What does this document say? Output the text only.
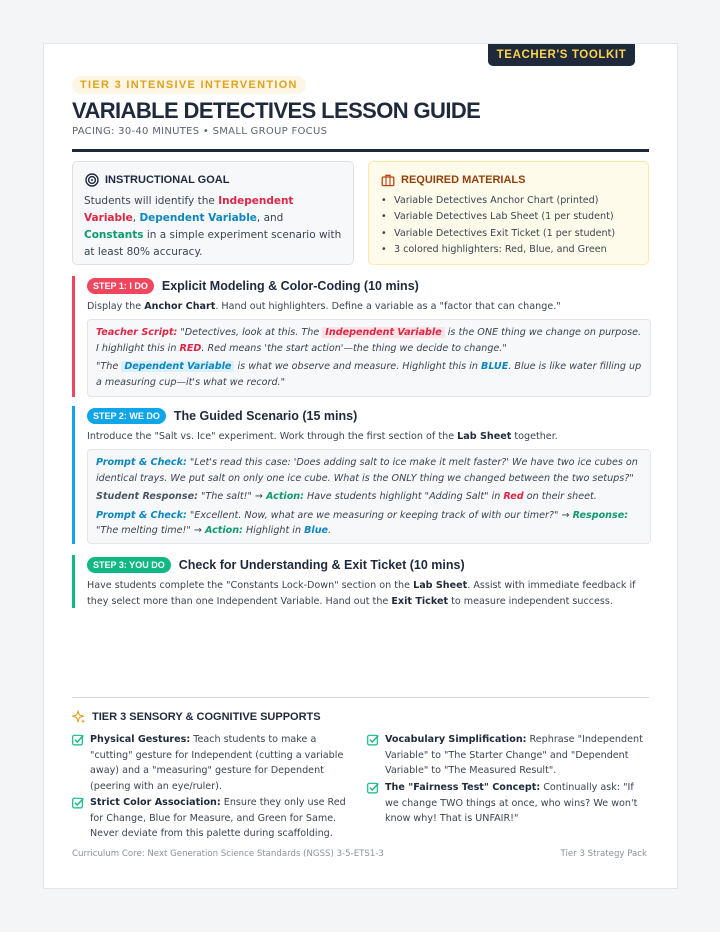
TEACHER'S TOOLKIT
TIER 3 INTENSIVE INTERVENTION
VARIABLE DETECTIVES LESSON GUIDE
PACING: 30-40 MINUTES • SMALL GROUP FOCUS
INSTRUCTIONAL GOAL
Students will identify the Independent Variable, Dependent Variable, and Constants in a simple experiment scenario with at least 80% accuracy.
REQUIRED MATERIALS
• Variable Detectives Anchor Chart (printed)
• Variable Detectives Lab Sheet (1 per student)
• Variable Detectives Exit Ticket (1 per student)
• 3 colored highlighters: Red, Blue, and Green
STEP 1: I DO	Explicit Modeling & Color-Coding (10 mins)
Display the Anchor Chart. Hand out highlighters. Define a variable as a "factor that can change."

Teacher Script: "Detectives, look at this. The Independent Variable is the ONE thing we change on purpose. I highlight this in RED. Red means 'the start action'—the thing we decide to change."

"The Dependent Variable is what we observe and measure. Highlight this in BLUE. Blue is like water filling up a measuring cup—it's what we record."

STEP 2: WE DO	The Guided Scenario (15 mins)
Introduce the "Salt vs. Ice" experiment. Work through the first section of the Lab Sheet together.

Prompt & Check: "Let's read this case: 'Does adding salt to ice make it melt faster?' We have two ice cubes on identical trays. We put salt on only one ice cube. What is the ONLY thing we changed between the two setups?"

Student Response: "The salt!" → Action: Have students highlight "Adding Salt" in Red on their sheet.

Prompt & Check: "Excellent. Now, what are we measuring or keeping track of with our timer?" → Response: "The melting time!" → Action: Highlight in Blue.

STEP 3: YOU DO	Check for Understanding & Exit Ticket (10 mins)
Have students complete the "Constants Lock-Down" section on the Lab Sheet. Assist with immediate feedback if they select more than one Independent Variable. Hand out the Exit Ticket to measure independent success.
TIER 3 SENSORY & COGNITIVE SUPPORTS
Physical Gestures: Teach students to make a "cutting" gesture for Independent (cutting a variable away) and a "measuring" gesture for Dependent (peering with an eye/ruler).
Strict Color Association: Ensure they only use Red for Change, Blue for Measure, and Green for Same. Never deviate from this palette during scaffolding.
Vocabulary Simplification: Rephrase "Independent Variable" to "The Starter Change" and "Dependent Variable" to "The Measured Result".
The "Fairness Test" Concept: Continually ask: "If we change TWO things at once, who wins? We won't know why! That is UNFAIR!"
Curriculum Core: Next Generation Science Standards (NGSS) 3-5-ETS1-3	Tier 3 Strategy Pack
